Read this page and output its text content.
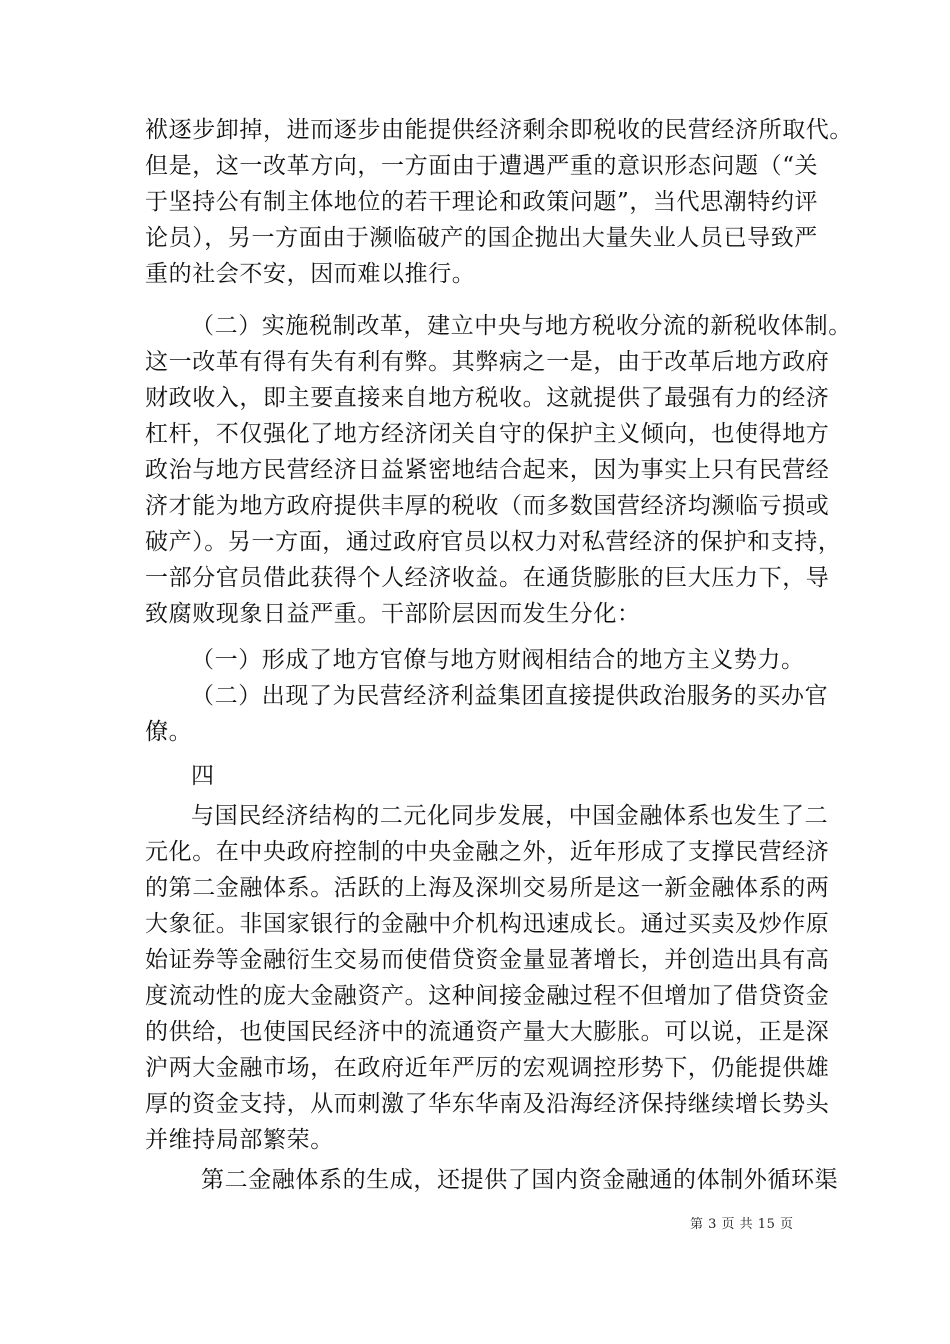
袱逐步卸掉，进而逐步由能提供经济剩余即税收的民营经济所取代。
但是，这一改革方向，一方面由于遭遇严重的意识形态问题（“关
于坚持公有制主体地位的若干理论和政策问题”，当代思潮特约评
论员），另一方面由于濒临破产的国企抛出大量失业人员已导致严
重的社会不安，因而难以推行。
（二）实施税制改革，建立中央与地方税收分流的新税收体制。
这一改革有得有失有利有弊。其弊病之一是，由于改革后地方政府
财政收入，即主要直接来自地方税收。这就提供了最强有力的经济
杠杆，不仅强化了地方经济闭关自守的保护主义倾向，也使得地方
政治与地方民营经济日益紧密地结合起来，因为事实上只有民营经
济才能为地方政府提供丰厚的税收（而多数国营经济均濒临亏损或
破产）。另一方面，通过政府官员以权力对私营经济的保护和支持，
一部分官员借此获得个人经济收益。在通货膨胀的巨大压力下，导
致腐败现象日益严重。干部阶层因而发生分化：
（一）形成了地方官僚与地方财阀相结合的地方主义势力。
（二）出现了为民营经济利益集团直接提供政治服务的买办官
僚。
四
与国民经济结构的二元化同步发展，中国金融体系也发生了二
元化。在中央政府控制的中央金融之外，近年形成了支撑民营经济
的第二金融体系。活跃的上海及深圳交易所是这一新金融体系的两
大象征。非国家银行的金融中介机构迅速成长。通过买卖及炒作原
始证券等金融衍生交易而使借贷资金量显著增长，并创造出具有高
度流动性的庞大金融资产。这种间接金融过程不但增加了借贷资金
的供给，也使国民经济中的流通资产量大大膨胀。可以说，正是深
沪两大金融市场，在政府近年严厉的宏观调控形势下，仍能提供雄
厚的资金支持，从而刺激了华东华南及沿海经济保持继续增长势头
并维持局部繁荣。
第二金融体系的生成，还提供了国内资金融通的体制外循环渠
第 3 页 共 15 页
